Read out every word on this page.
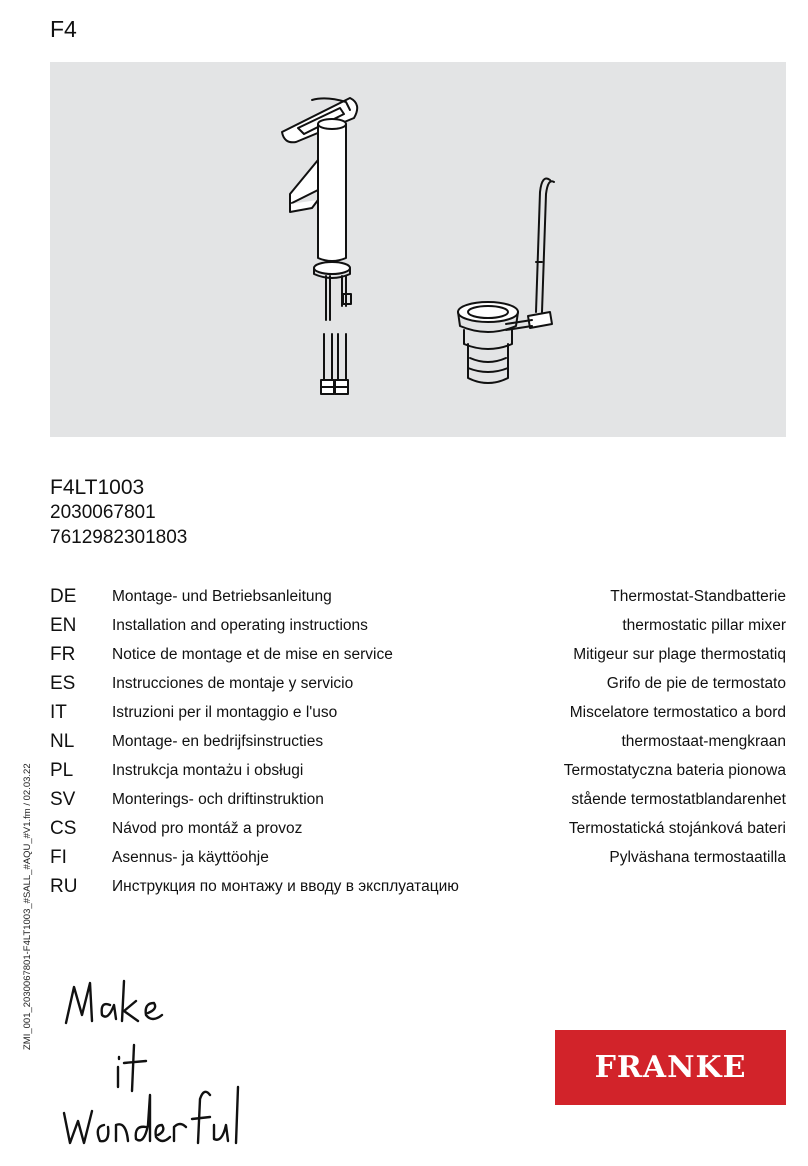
F4
F4LT1003
2030067801
7612982301803
DE Montage- und Betriebsanleitung	Thermostat-Standbatterie
EN Installation and operating instructions	thermostatic pillar mixer
FR Notice de montage et de mise en service	Mitigeur sur plage thermostatiq
ES Instrucciones de montaje y servicio	Grifo de pie de termostato
IT	Istruzioni per il montaggio e l'uso	Miscelatore termostatico a bord
NL Montage- en bedrijfsinstructies	thermostaat-mengkraan
PL	Instrukcja montażu i obsługi	Termostatyczna bateria pionowa
SV Monterings- och driftinstruktion	stående termostatblandarenhet
CS Návod pro montáž a provoz	Termostatická stojánková bateri
FI	Asennus- ja käyttöohje	Pylväshana termostaatilla
RU Инструкция по монтажу и вводу в эксплуатацию
ZMI_001_2030067801-F4LT1003_#SALL_#AQU_#V1.fm / 02.03.22
FRANKE
